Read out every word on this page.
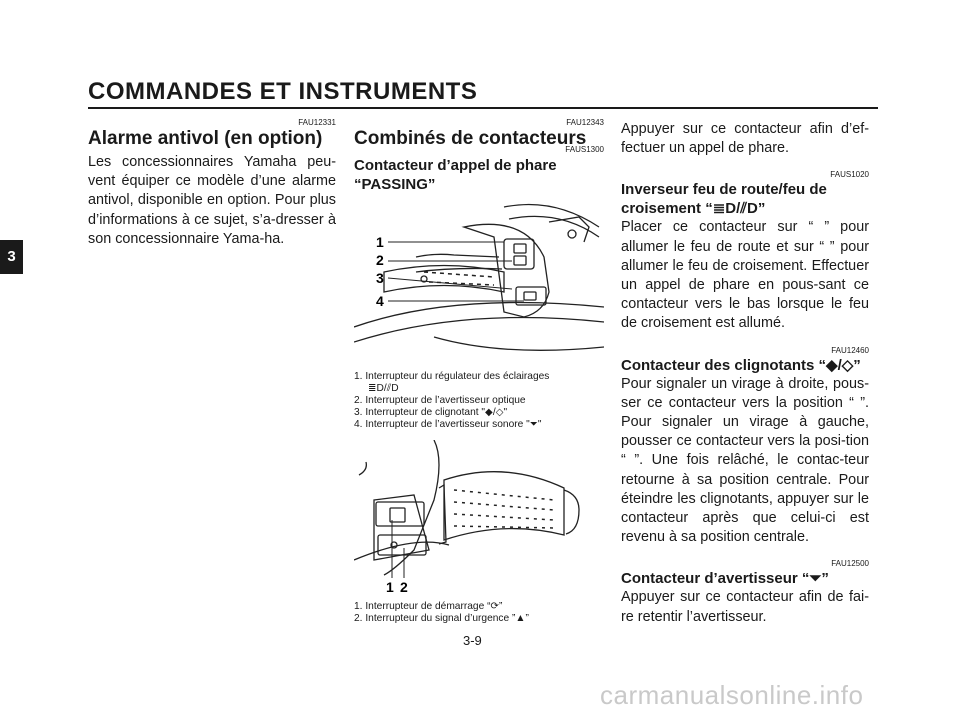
COMMANDES ET INSTRUMENTS
3
FAU12331
Alarme antivol (en option)
Les concessionnaires Yamaha peu-vent équiper ce modèle d’une alarme antivol, disponible en option. Pour plus d’informations à ce sujet, s’a-dresser à son concessionnaire Yama-ha.
FAU12343
Combinés de contacteurs
FAUS1300
Contacteur d’appel de phare “PASSING”
1
2
3
4
1. Interrupteur du régulateur des éclairages
≣D/⫽D
2. Interrupteur de l’avertisseur optique
3. Interrupteur de clignotant "◆/◇"
4. Interrupteur de l’avertisseur sonore "⏷"
1 2
1. Interrupteur de démarrage “⟳”
2. Interrupteur du signal d’urgence ”▲”
Appuyer sur ce contacteur afin d’ef-fectuer un appel de phare.
FAUS1020
Inverseur feu de route/feu de croisement “≣D/⫽D”
Placer ce contacteur sur “ ” pour allumer le feu de route et sur “ ” pour allumer le feu de croisement. Effectuer un appel de phare en pous-sant ce contacteur vers le bas lorsque le feu de croisement est allumé.
FAU12460
Contacteur des clignotants “◆/◇”
Pour signaler un virage à droite, pous-ser ce contacteur vers la position “ ”. Pour signaler un virage à gauche, pousser ce contacteur vers la posi-tion “ ”. Une fois relâché, le contac-teur retourne à sa position centrale. Pour éteindre les clignotants, appuyer sur le contacteur après que celui-ci est revenu à sa position centrale.
FAU12500
Contacteur d’avertisseur “⏷”
Appuyer sur ce contacteur afin de fai-re retentir l’avertisseur.
3-9
carmanualsonline.info
